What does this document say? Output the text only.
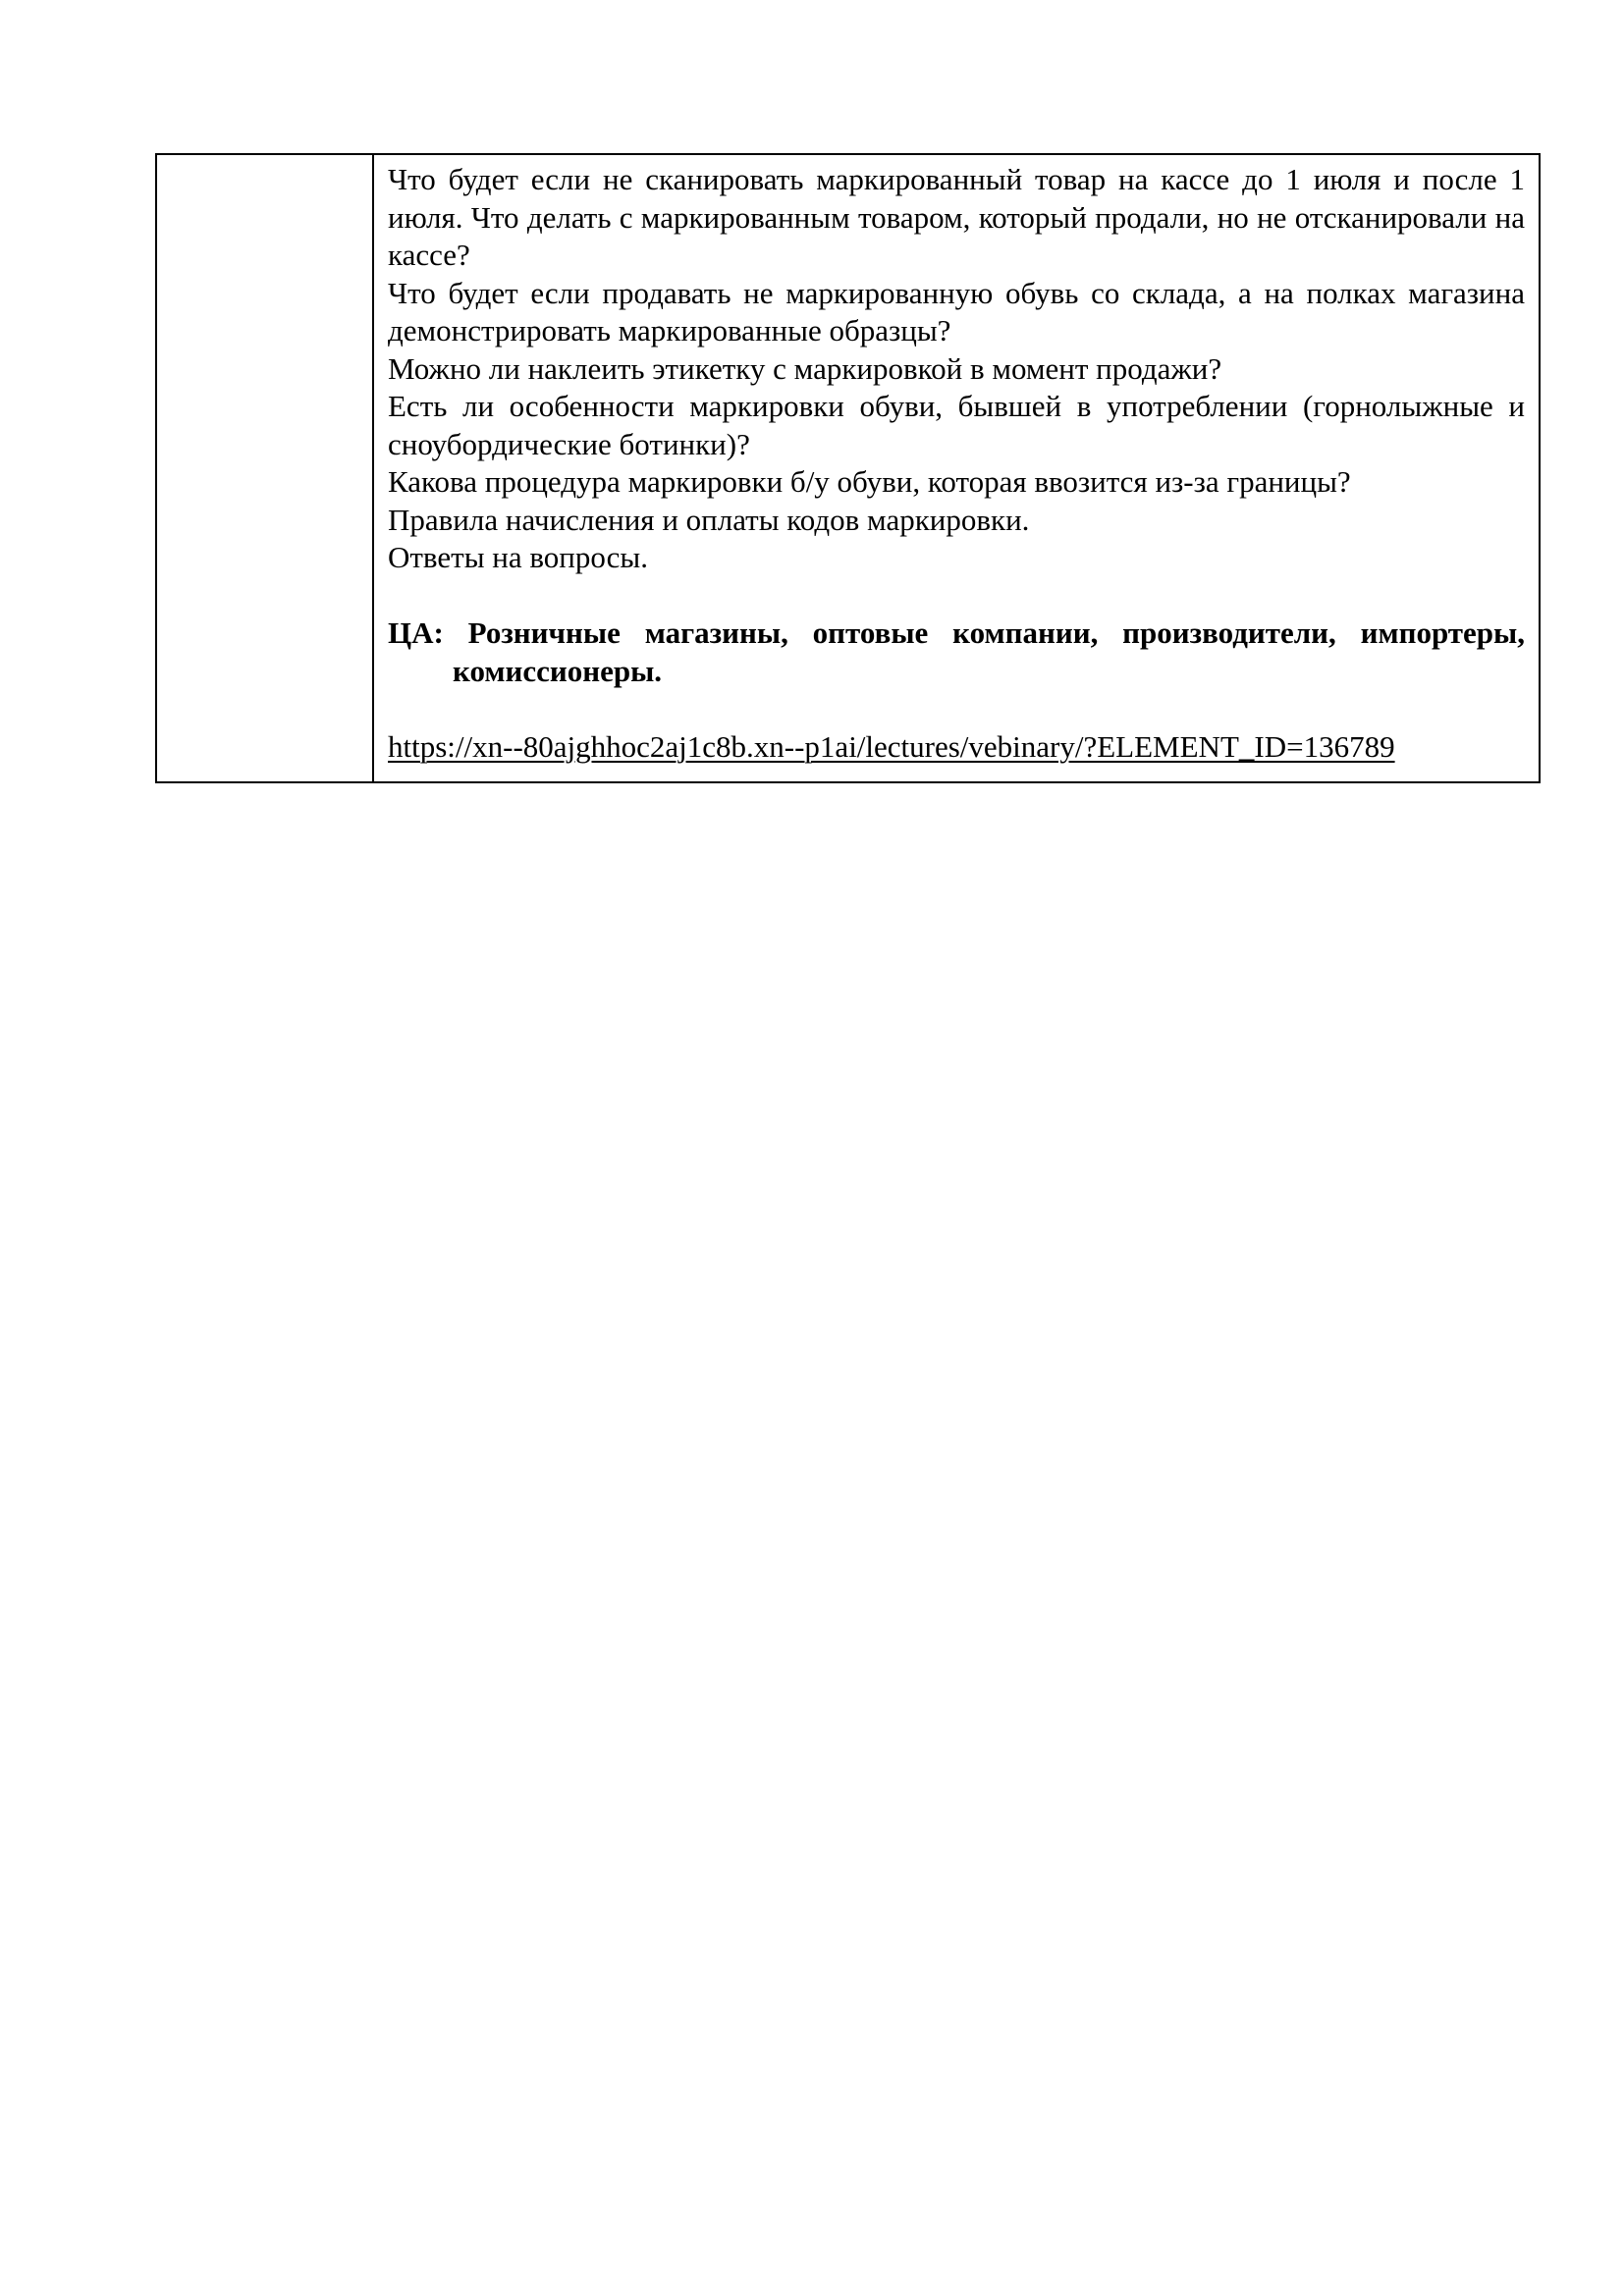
Что будет если не сканировать маркированный товар на кассе до 1 июля и после 1 июля. Что делать с маркированным товаром, который продали, но не отсканировали на кассе?

Что будет если продавать не маркированную обувь со склада, а на полках магазина демонстрировать маркированные образцы?

Можно ли наклеить этикетку с маркировкой в момент продажи?

Есть ли особенности маркировки обуви, бывшей в употреблении (горнолыжные и сноубордические ботинки)?

Какова процедура маркировки б/у обуви, которая ввозится из-за границы?

Правила начисления и оплаты кодов маркировки.

Ответы на вопросы.

ЦА: Розничные магазины, оптовые компании, производители, импортеры, комиссионеры.

https://xn--80ajghhoc2aj1c8b.xn--p1ai/lectures/vebinary/?ELEMENT_ID=136789
